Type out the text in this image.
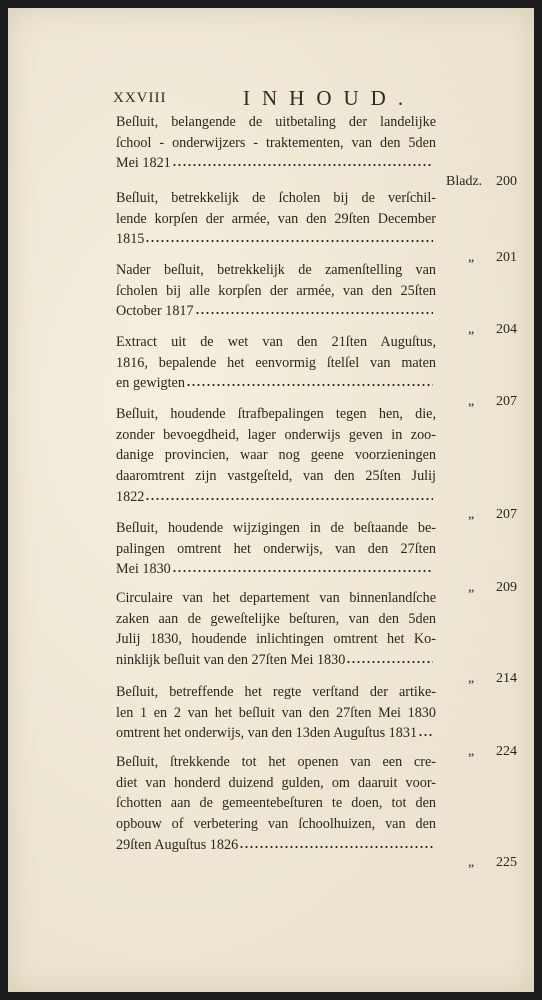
XXVIII	INHOUD.
Beſluit, belangende de uitbetaling der landelijke
ſchool - onderwijzers - traktementen, van den 5den
Mei 1821
Bladz. 200
Beſluit, betrekkelijk de ſcholen bij de verſchil-
lende korpſen der armée, van den 29ſten December
1815
„ 201
Nader beſluit, betrekkelijk de zamenſtelling van
ſcholen bij alle korpſen der armée, van den 25ſten
October 1817
„ 204
Extract uit de wet van den 21ſten Auguſtus,
1816, bepalende het eenvormig ſtelſel van maten
en gewigten
„ 207
Beſluit, houdende ſtrafbepalingen tegen hen, die,
zonder bevoegdheid, lager onderwijs geven in zoo-
danige provincien, waar nog geene voorzieningen
daaromtrent zijn vastgeſteld, van den 25ſten Julij
1822
„ 207
Beſluit, houdende wijzigingen in de beſtaande be-
palingen omtrent het onderwijs, van den 27ſten
Mei 1830
„ 209
Circulaire van het departement van binnenlandſche
zaken aan de geweſtelijke beſturen, van den 5den
Julij 1830, houdende inlichtingen omtrent het Ko-
ninklijk beſluit van den 27ſten Mei 1830
„ 214
Beſluit, betreffende het regte verſtand der artike-
len 1 en 2 van het beſluit van den 27ſten Mei 1830
omtrent het onderwijs, van den 13den Auguſtus 1831
„ 224
Beſluit, ſtrekkende tot het openen van een cre-
diet van honderd duizend gulden, om daaruit voor-
ſchotten aan de gemeentebeſturen te doen, tot den
opbouw of verbetering van ſchoolhuizen, van den
29ſten Auguſtus 1826
„ 225
